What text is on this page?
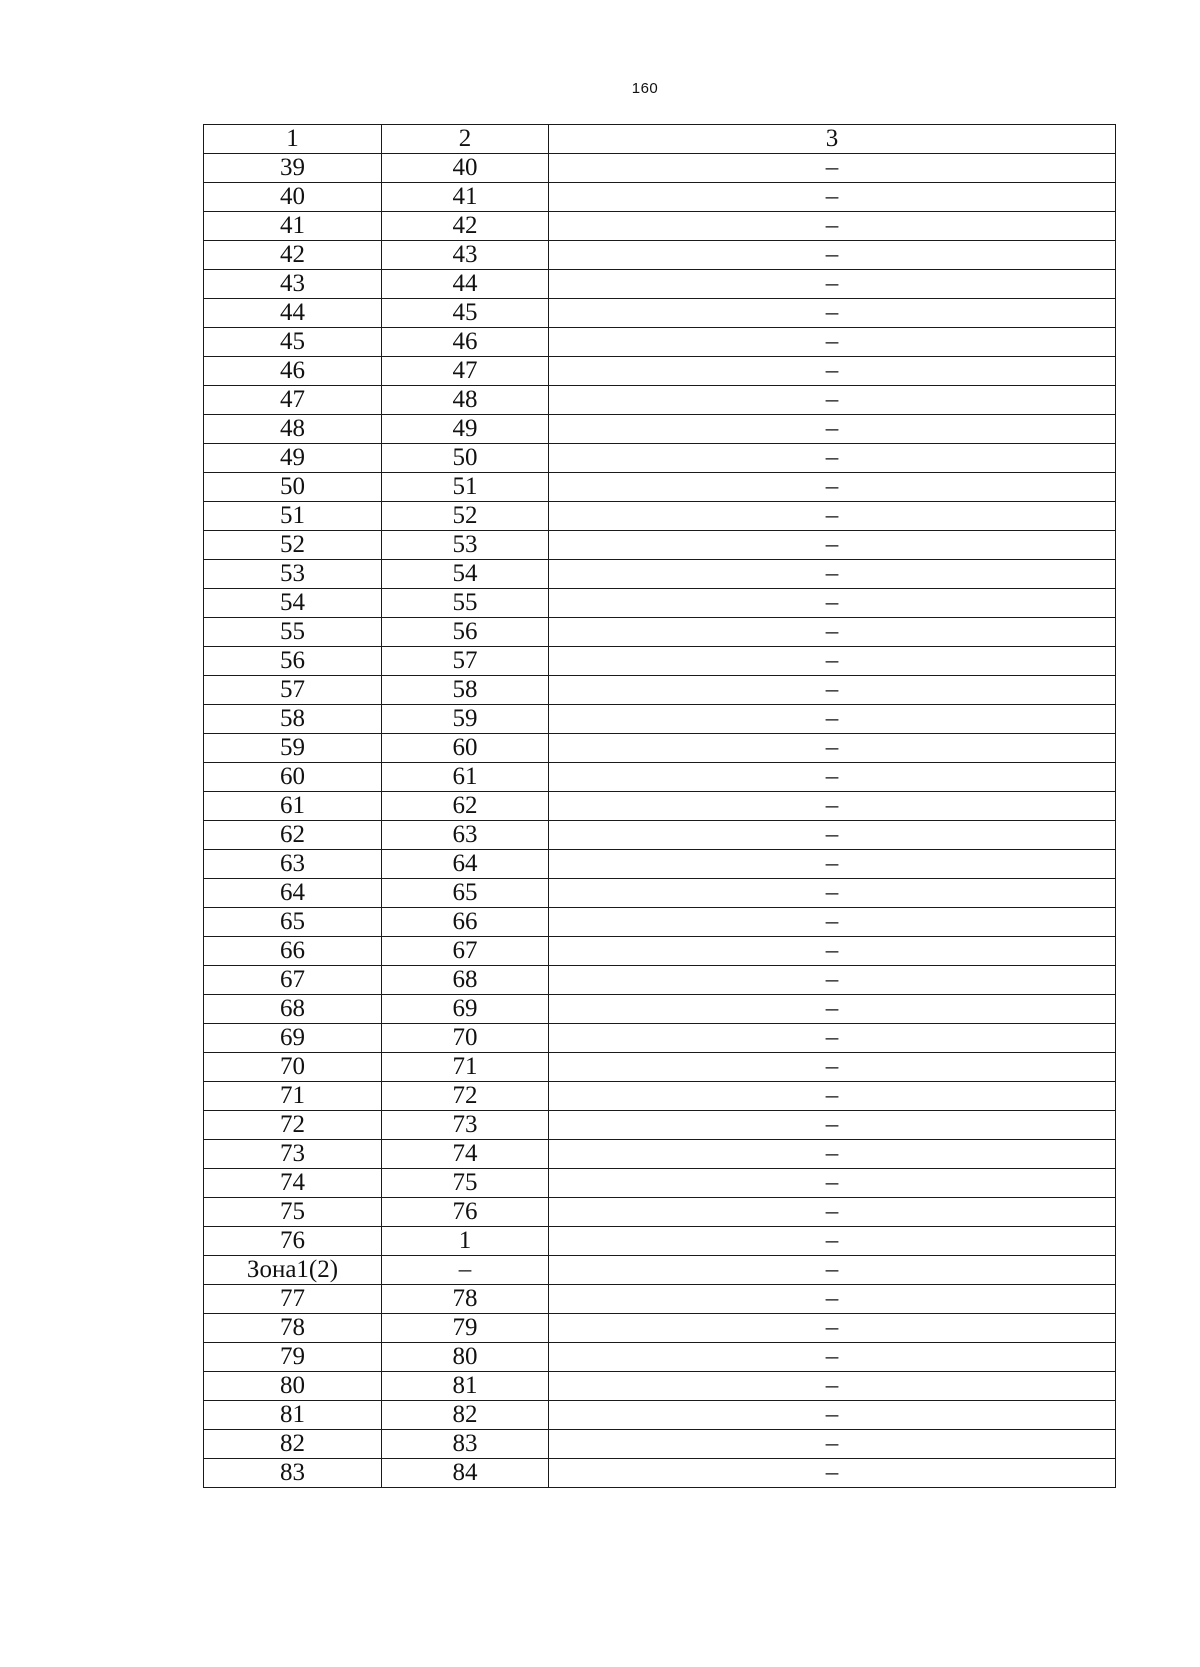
160
1	2	3
39	40	–
40	41	–
41	42	–
42	43	–
43	44	–
44	45	–
45	46	–
46	47	–
47	48	–
48	49	–
49	50	–
50	51	–
51	52	–
52	53	–
53	54	–
54	55	–
55	56	–
56	57	–
57	58	–
58	59	–
59	60	–
60	61	–
61	62	–
62	63	–
63	64	–
64	65	–
65	66	–
66	67	–
67	68	–
68	69	–
69	70	–
70	71	–
71	72	–
72	73	–
73	74	–
74	75	–
75	76	–
76	1	–
Зона1(2)	–	–
77	78	–
78	79	–
79	80	–
80	81	–
81	82	–
82	83	–
83	84	–
